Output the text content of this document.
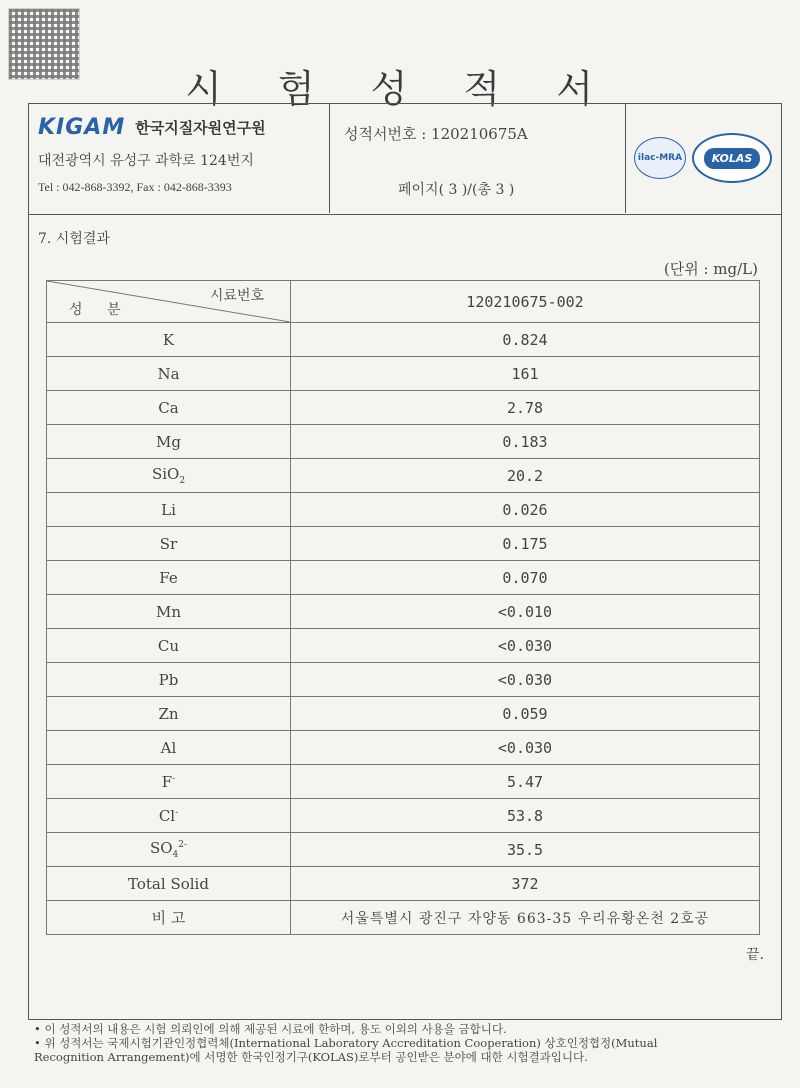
시 험 성 적 서
KIGAM 한국지질자원연구원
대전광역시 유성구 과학로 124번지
Tel : 042-868-3392, Fax : 042-868-3393
성적서번호 : 120210675A
페이지( 3 )/(총 3 )
ilac-MRA	KOLAS
7. 시험결과
(단위 : mg/L)
시료번호
성 분	120210675-002
K	0.824
Na	161
Ca	2.78
Mg	0.183
SiO$_2$	20.2
Li	0.026
Sr	0.175
Fe	0.070
Mn	<0.010
Cu	<0.030
Pb	<0.030
Zn	0.059
Al	<0.030
F-	5.47
Cl-	53.8
$SO_4^{2-}$	35.5
Total Solid	372
비 고	서울특별시 광진구 자양동 663-35 우리유황온천 2호공
끝.
• 이 성적서의 내용은 시험 의뢰인에 의해 제공된 시료에 한하며, 용도 이외의 사용을 금합니다.
• 위 성적서는 국제시험기관인정협력체(International Laboratory Accreditation Cooperation) 상호인정협정(Mutual
Recognition Arrangement)에 서명한 한국인정기구(KOLAS)로부터 공인받은 분야에 대한 시험결과입니다.
